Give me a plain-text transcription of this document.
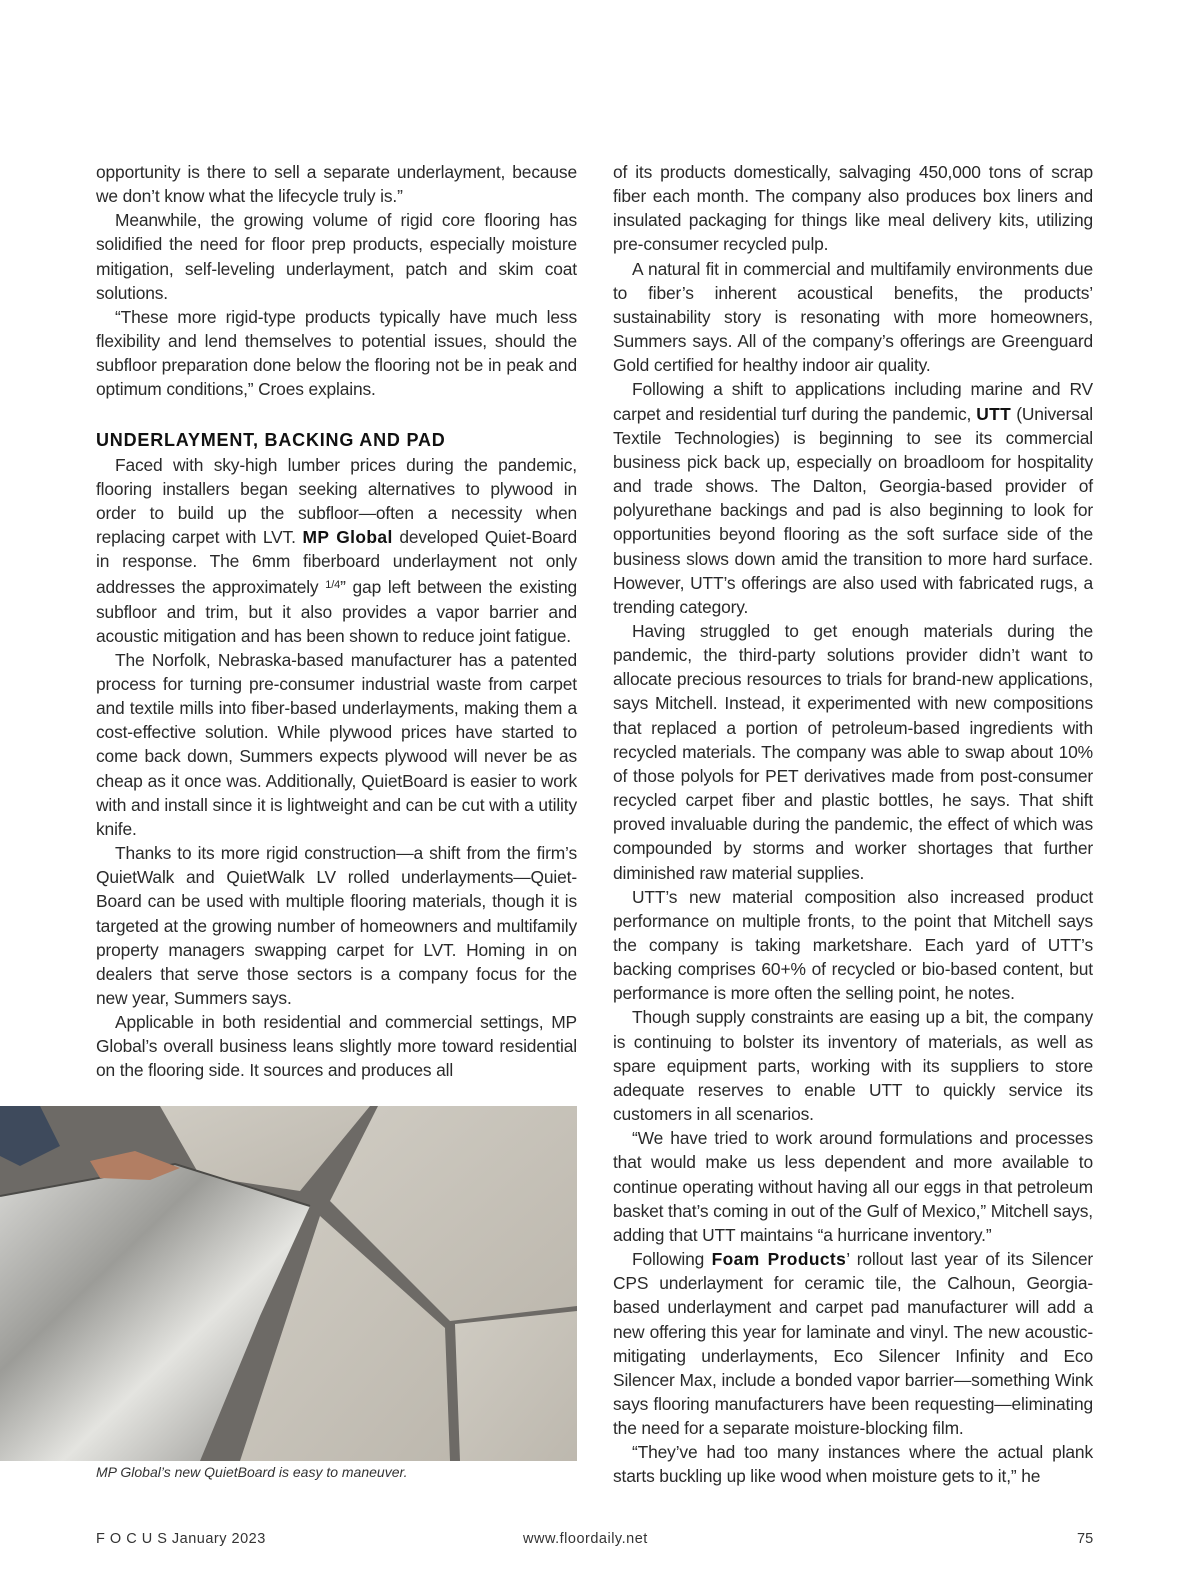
opportunity is there to sell a separate underlayment, because we don’t know what the lifecycle truly is.”

Meanwhile, the growing volume of rigid core flooring has solidified the need for floor prep products, especially moisture mitigation, self-leveling underlayment, patch and skim coat solutions.

“These more rigid-type products typically have much less flexibility and lend themselves to potential issues, should the subfloor preparation done below the flooring not be in peak and optimum conditions,” Croes explains.

UNDERLAYMENT, BACKING AND PAD

Faced with sky-high lumber prices during the pandemic, flooring installers began seeking alternatives to plywood in order to build up the subfloor—often a necessity when replacing carpet with LVT. MP Global developed Quiet-Board in response. The 6mm fiberboard underlayment not only addresses the approximately $^{1/4}$” gap left between the existing subfloor and trim, but it also provides a vapor barrier and acoustic mitigation and has been shown to reduce joint fatigue.

The Norfolk, Nebraska-based manufacturer has a patented process for turning pre-consumer industrial waste from carpet and textile mills into fiber-based underlayments, making them a cost-effective solution. While plywood prices have started to come back down, Summers expects plywood will never be as cheap as it once was. Additionally, QuietBoard is easier to work with and install since it is lightweight and can be cut with a utility knife.

Thanks to its more rigid construction—a shift from the firm’s QuietWalk and QuietWalk LV rolled underlayments—Quiet-Board can be used with multiple flooring materials, though it is targeted at the growing number of homeowners and multifamily property managers swapping carpet for LVT. Homing in on dealers that serve those sectors is a company focus for the new year, Summers says.

Applicable in both residential and commercial settings, MP Global’s overall business leans slightly more toward residential on the flooring side. It sources and produces all

of its products domestically, salvaging 450,000 tons of scrap fiber each month. The company also produces box liners and insulated packaging for things like meal delivery kits, utilizing pre-consumer recycled pulp.

A natural fit in commercial and multifamily environments due to fiber’s inherent acoustical benefits, the products’ sustainability story is resonating with more homeowners, Summers says. All of the company’s offerings are Greenguard Gold certified for healthy indoor air quality.

Following a shift to applications including marine and RV carpet and residential turf during the pandemic, UTT (Universal Textile Technologies) is beginning to see its commercial business pick back up, especially on broadloom for hospitality and trade shows. The Dalton, Georgia-based provider of polyurethane backings and pad is also beginning to look for opportunities beyond flooring as the soft surface side of the business slows down amid the transition to more hard surface. However, UTT’s offerings are also used with fabricated rugs, a trending category.

Having struggled to get enough materials during the pandemic, the third-party solutions provider didn’t want to allocate precious resources to trials for brand-new applications, says Mitchell. Instead, it experimented with new compositions that replaced a portion of petroleum-based ingredients with recycled materials. The company was able to swap about 10% of those polyols for PET derivatives made from post-consumer recycled carpet fiber and plastic bottles, he says. That shift proved invaluable during the pandemic, the effect of which was compounded by storms and worker shortages that further diminished raw material supplies.

UTT’s new material composition also increased product performance on multiple fronts, to the point that Mitchell says the company is taking marketshare. Each yard of UTT’s backing comprises 60+% of recycled or bio-based content, but performance is more often the selling point, he notes.

Though supply constraints are easing up a bit, the company is continuing to bolster its inventory of materials, as well as spare equipment parts, working with its suppliers to store adequate reserves to enable UTT to quickly service its customers in all scenarios.

“We have tried to work around formulations and processes that would make us less dependent and more available to continue operating without having all our eggs in that petroleum basket that’s coming in out of the Gulf of Mexico,” Mitchell says, adding that UTT maintains “a hurricane inventory.”

Following Foam Products’ rollout last year of its Silencer CPS underlayment for ceramic tile, the Calhoun, Georgia-based underlayment and carpet pad manufacturer will add a new offering this year for laminate and vinyl. The new acoustic-mitigating underlayments, Eco Silencer Infinity and Eco Silencer Max, include a bonded vapor barrier—something Wink says flooring manufacturers have been requesting—eliminating the need for a separate moisture-blocking film.

“They’ve had too many instances where the actual plank starts buckling up like wood when moisture gets to it,” he

MP Global’s new QuietBoard is easy to maneuver.
F O C U S January 2023	www.floordaily.net	75
